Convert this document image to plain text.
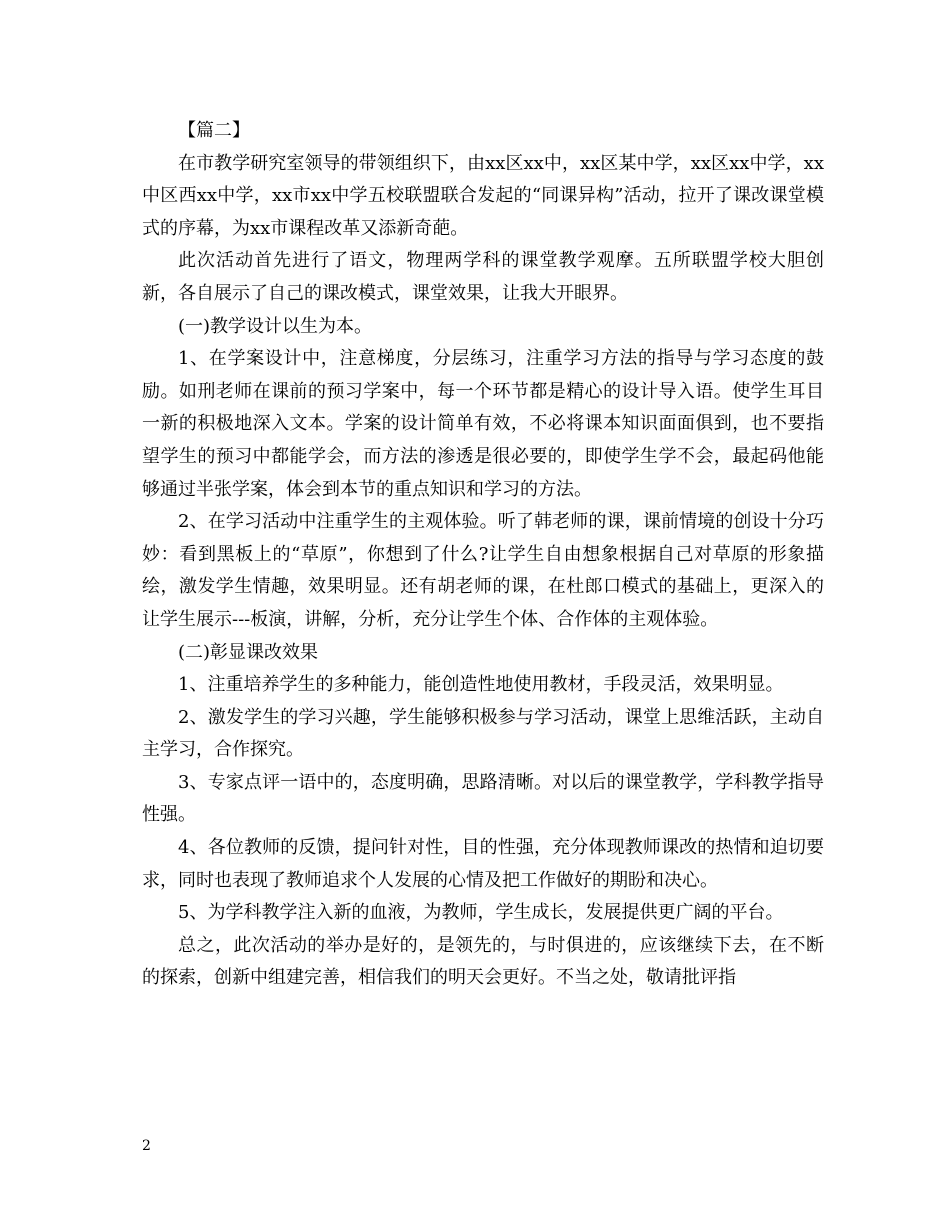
【篇二】

在市教学研究室领导的带领组织下，由xx区xx中，xx区某中学，xx区xx中学，xx中区西xx中学，xx市xx中学五校联盟联合发起的“同课异构”活动，拉开了课改课堂模式的序幕，为xx市课程改革又添新奇葩。

此次活动首先进行了语文，物理两学科的课堂教学观摩。五所联盟学校大胆创新，各自展示了自己的课改模式，课堂效果，让我大开眼界。

(一)教学设计以生为本。

1、在学案设计中，注意梯度，分层练习，注重学习方法的指导与学习态度的鼓励。如刑老师在课前的预习学案中，每一个环节都是精心的设计导入语。使学生耳目一新的积极地深入文本。学案的设计简单有效，不必将课本知识面面俱到，也不要指望学生的预习中都能学会，而方法的渗透是很必要的，即使学生学不会，最起码他能够通过半张学案，体会到本节的重点知识和学习的方法。

2、在学习活动中注重学生的主观体验。听了韩老师的课，课前情境的创设十分巧妙：看到黑板上的“草原”，你想到了什么?让学生自由想象根据自己对草原的形象描绘，激发学生情趣，效果明显。还有胡老师的课，在杜郎口模式的基础上，更深入的让学生展示---板演，讲解，分析，充分让学生个体、合作体的主观体验。

(二)彰显课改效果

1、注重培养学生的多种能力，能创造性地使用教材，手段灵活，效果明显。

2、激发学生的学习兴趣，学生能够积极参与学习活动，课堂上思维活跃，主动自主学习，合作探究。

3、专家点评一语中的，态度明确，思路清晰。对以后的课堂教学，学科教学指导性强。

4、各位教师的反馈，提问针对性，目的性强，充分体现教师课改的热情和迫切要求，同时也表现了教师追求个人发展的心情及把工作做好的期盼和决心。

5、为学科教学注入新的血液，为教师，学生成长，发展提供更广阔的平台。

总之，此次活动的举办是好的，是领先的，与时俱进的，应该继续下去，在不断的探索，创新中组建完善，相信我们的明天会更好。不当之处，敬请批评指

2
